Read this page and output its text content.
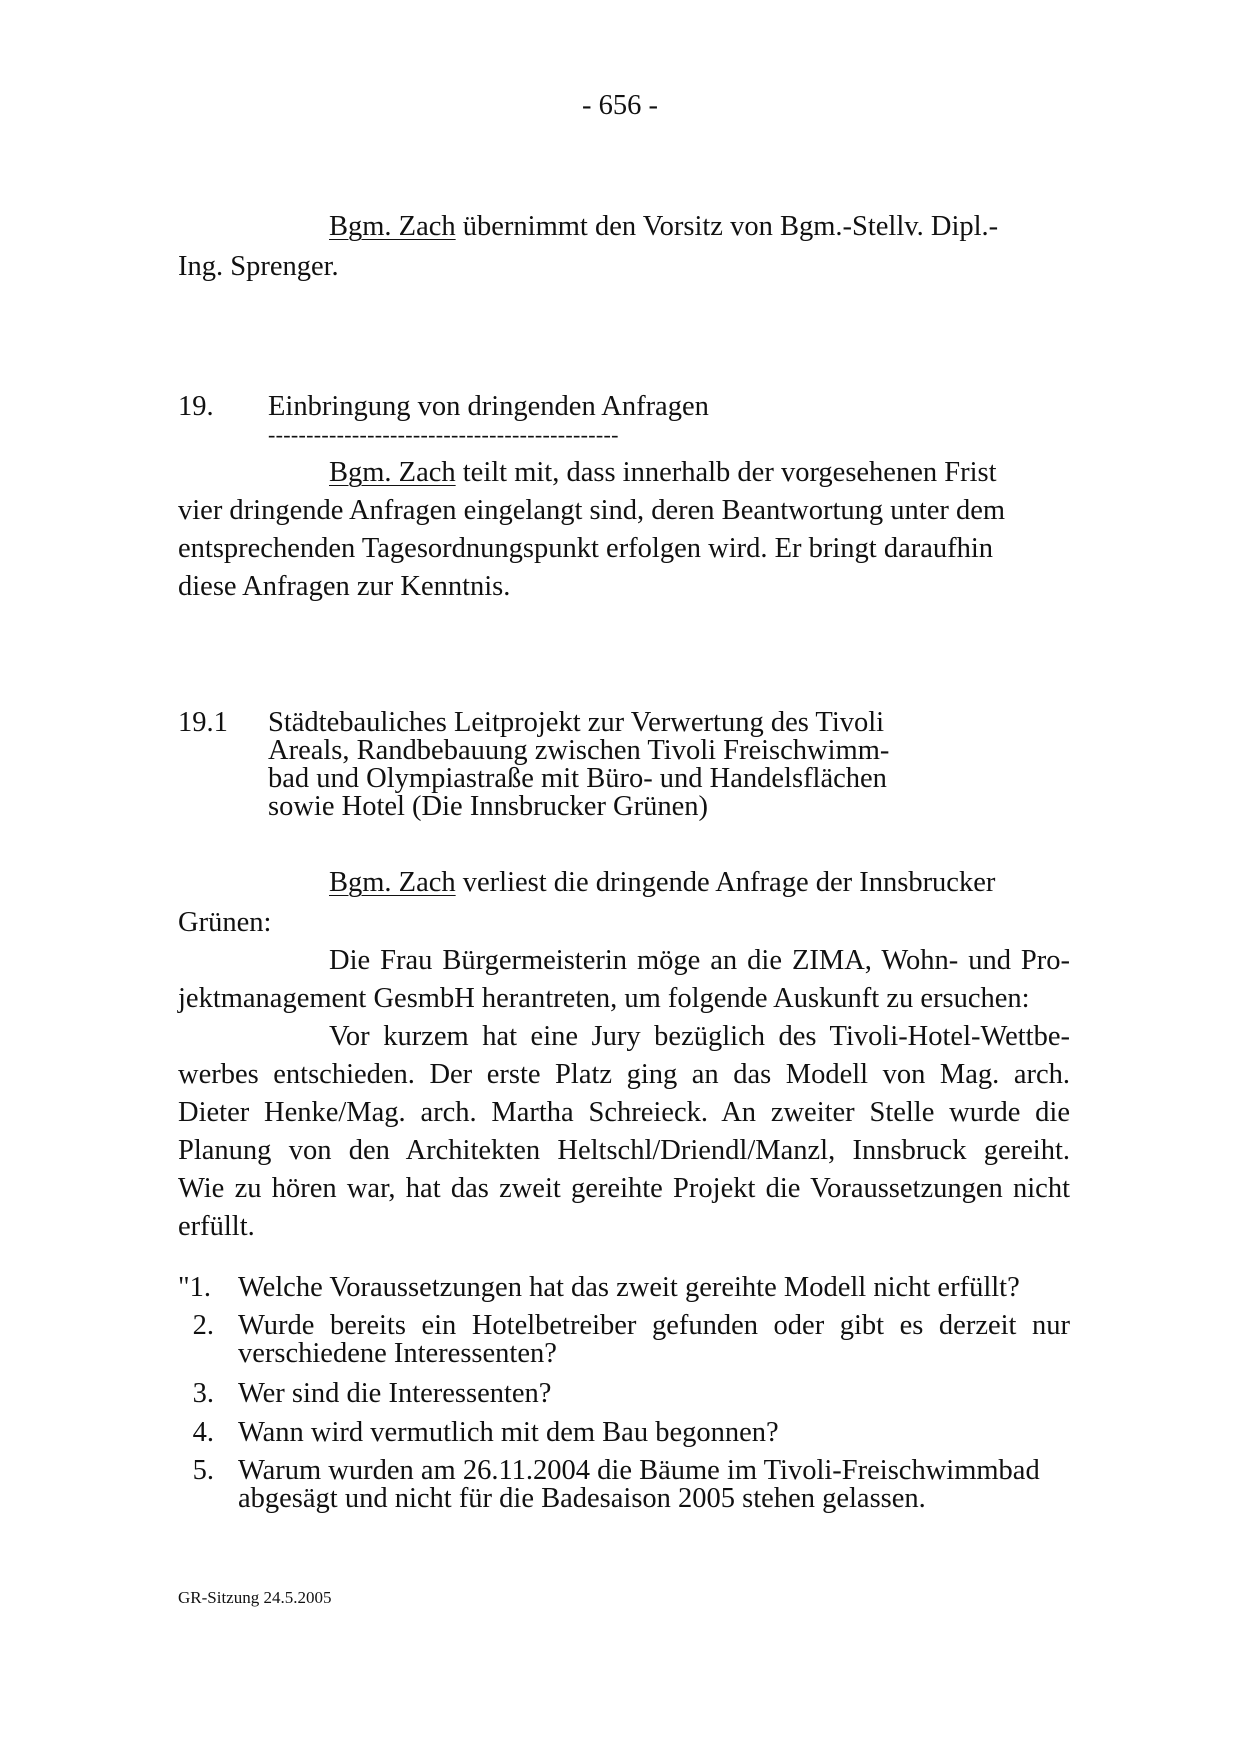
- 656 -
Bgm. Zach übernimmt den Vorsitz von Bgm.-Stellv. Dipl.-
Ing. Sprenger.
19. Einbringung von dringenden Anfragen
----------------------------------------------
Bgm. Zach teilt mit, dass innerhalb der vorgesehenen Frist
vier dringende Anfragen eingelangt sind, deren Beantwortung unter dem
entsprechenden Tagesordnungspunkt erfolgen wird. Er bringt daraufhin
diese Anfragen zur Kenntnis.
19.1 Städtebauliches Leitprojekt zur Verwertung des Tivoli
Areals, Randbebauung zwischen Tivoli Freischwimm-
bad und Olympiastraße mit Büro- und Handelsflächen
sowie Hotel (Die Innsbrucker Grünen)
Bgm. Zach verliest die dringende Anfrage der Innsbrucker
Grünen:
Die Frau Bürgermeisterin möge an die ZIMA, Wohn- und Pro-
jektmanagement GesmbH herantreten, um folgende Auskunft zu ersuchen:
Vor kurzem hat eine Jury bezüglich des Tivoli-Hotel-Wettbe-
werbes entschieden. Der erste Platz ging an das Modell von Mag. arch.
Dieter Henke/Mag. arch. Martha Schreieck. An zweiter Stelle wurde die
Planung von den Architekten Heltschl/Driendl/Manzl, Innsbruck gereiht.
Wie zu hören war, hat das zweit gereihte Projekt die Voraussetzungen nicht
erfüllt.
"1. Welche Voraussetzungen hat das zweit gereihte Modell nicht erfüllt?
2. Wurde bereits ein Hotelbetreiber gefunden oder gibt es derzeit nur
verschiedene Interessenten?
3. Wer sind die Interessenten?
4. Wann wird vermutlich mit dem Bau begonnen?
5. Warum wurden am 26.11.2004 die Bäume im Tivoli-Freischwimmbad
abgesägt und nicht für die Badesaison 2005 stehen gelassen.
GR-Sitzung 24.5.2005
